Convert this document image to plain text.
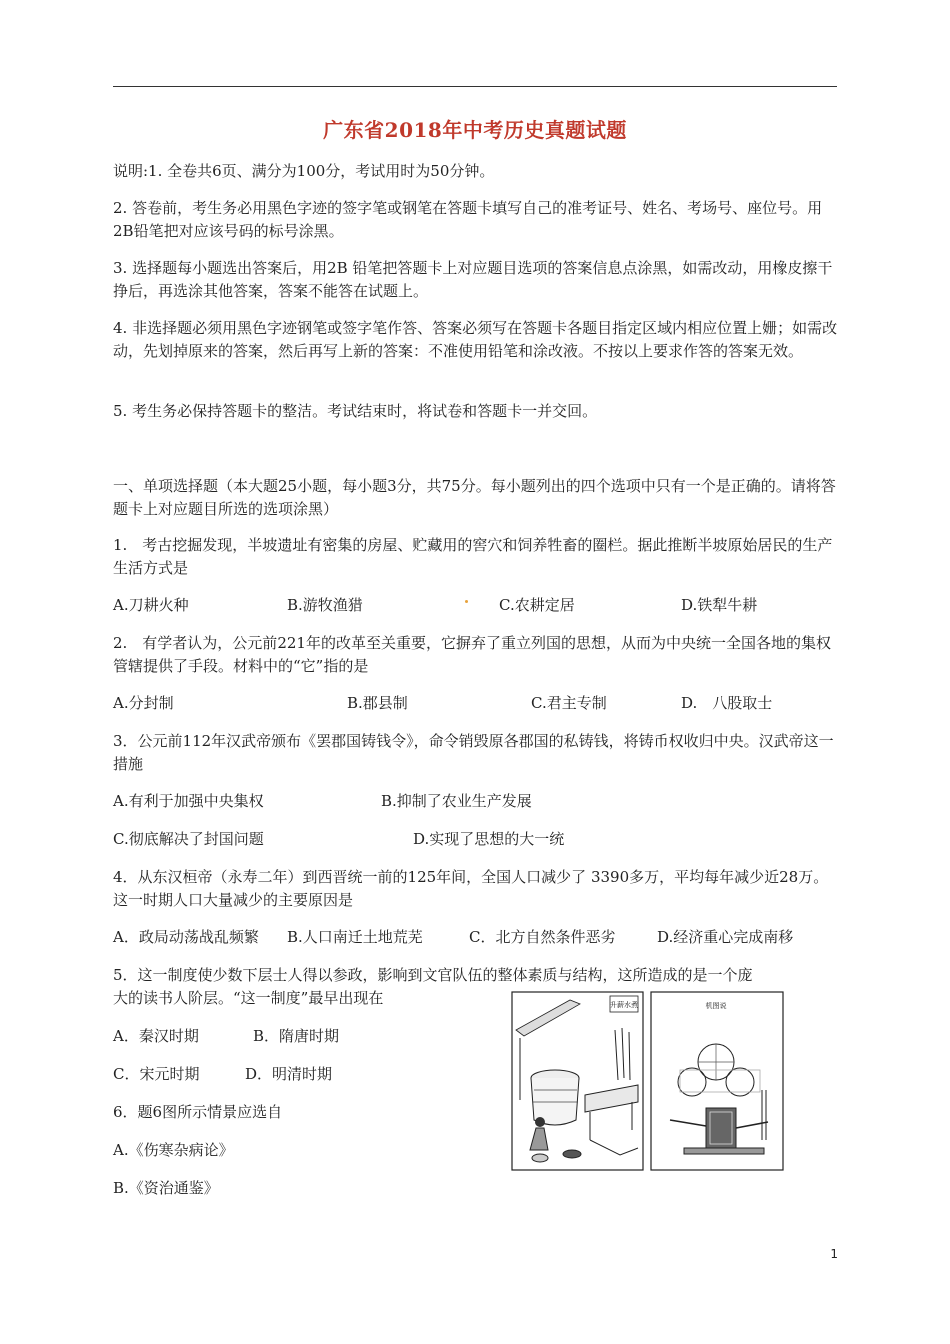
广东省2018年中考历史真题试题
说明:1. 全卷共6页、满分为100分，考试用时为50分钟。
2. 答卷前，考生务必用黑色字迹的签字笔或钢笔在答题卡填写自己的准考证号、姓名、考场号、座位号。用2B铅笔把对应该号码的标号涂黑。
3. 选择题每小题选出答案后，用2B 铅笔把答题卡上对应题目选项的答案信息点涂黑，如需改动，用橡皮擦干挣后，再选涂其他答案，答案不能答在试题上。
4. 非选择题必须用黑色字迹钢笔或签字笔作答、答案必须写在答题卡各题目指定区域内相应位置上姗；如需改动，先划掉原来的答案，然后再写上新的答案：不准使用铅笔和涂改液。不按以上要求作答的答案无效。
5. 考生务必保持答题卡的整洁。考试结束时，将试卷和答题卡一并交回。
一、单项选择题（本大题25小题，每小题3分，共75分。每小题列出的四个选项中只有一个是正确的。请将答题卡上对应题目所选的选项涂黑）
1.　考古挖掘发现，半坡遗址有密集的房屋、贮藏用的窖穴和饲养牲畜的圈栏。据此推断半坡原始居民的生产生活方式是
A.刀耕火种	B.游牧渔猎	C.农耕定居	D.铁犁牛耕
2.　有学者认为，公元前221年的改革至关重要，它摒弃了重立列国的思想，从而为中央统一全国各地的集权管辖提供了手段。材料中的“它”指的是
A.分封制	B.郡县制	C.君主专制	D.　八股取士
3．公元前112年汉武帝颁布《罢郡国铸钱令》，命令销毁原各郡国的私铸钱，将铸币权收归中央。汉武帝这一措施
A.有利于加强中央集权	B.抑制了农业生产发展
C.彻底解决了封国问题	D.实现了思想的大一统
4．从东汉桓帝（永寿二年）到西晋统一前的125年间，全国人口减少了 3390多万，平均每年减少近28万。这一时期人口大量减少的主要原因是
A．政局动荡战乱频繁 B.人口南迁土地荒芜	C．北方自然条件恶劣	D.经济重心完成南移
5．这一制度使少数下层士人得以参政，影响到文官队伍的整体素质与结构，这所造成的是一个庞
大的读书人阶层。“这一制度”最早出现在
A．秦汉时期	B．隋唐时期
C．宋元时期	D．明清时期
6．题6图所示情景应选自
A.《伤寒杂病论》
B.《资治通鉴》
升薪水煮	机图说
1
